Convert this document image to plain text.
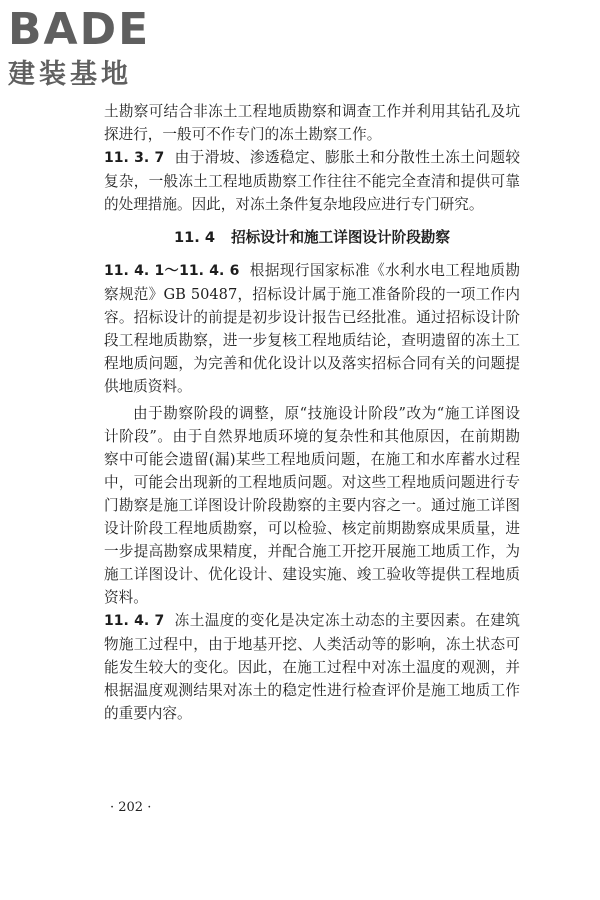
BADE
建装基地

土勘察可结合非冻土工程地质勘察和调查工作并利用其钻孔及坑探进行，一般可不作专门的冻土勘察工作。

11. 3. 7 由于滑坡、渗透稳定、膨胀土和分散性土冻土问题较复杂，一般冻土工程地质勘察工作往往不能完全查清和提供可靠的处理措施。因此，对冻土条件复杂地段应进行专门研究。

11. 4 招标设计和施工详图设计阶段勘察

11. 4. 1～11. 4. 6 根据现行国家标准《水利水电工程地质勘察规范》GB 50487，招标设计属于施工准备阶段的一项工作内容。招标设计的前提是初步设计报告已经批准。通过招标设计阶段工程地质勘察，进一步复核工程地质结论，查明遗留的冻土工程地质问题，为完善和优化设计以及落实招标合同有关的问题提供地质资料。

由于勘察阶段的调整，原“技施设计阶段”改为“施工详图设计阶段”。由于自然界地质环境的复杂性和其他原因，在前期勘察中可能会遗留(漏)某些工程地质问题，在施工和水库蓄水过程中，可能会出现新的工程地质问题。对这些工程地质问题进行专门勘察是施工详图设计阶段勘察的主要内容之一。通过施工详图设计阶段工程地质勘察，可以检验、核定前期勘察成果质量，进一步提高勘察成果精度，并配合施工开挖开展施工地质工作，为施工详图设计、优化设计、建设实施、竣工验收等提供工程地质资料。

11. 4. 7 冻土温度的变化是决定冻土动态的主要因素。在建筑物施工过程中，由于地基开挖、人类活动等的影响，冻土状态可能发生较大的变化。因此，在施工过程中对冻土温度的观测，并根据温度观测结果对冻土的稳定性进行检查评价是施工地质工作的重要内容。

· 202 ·
